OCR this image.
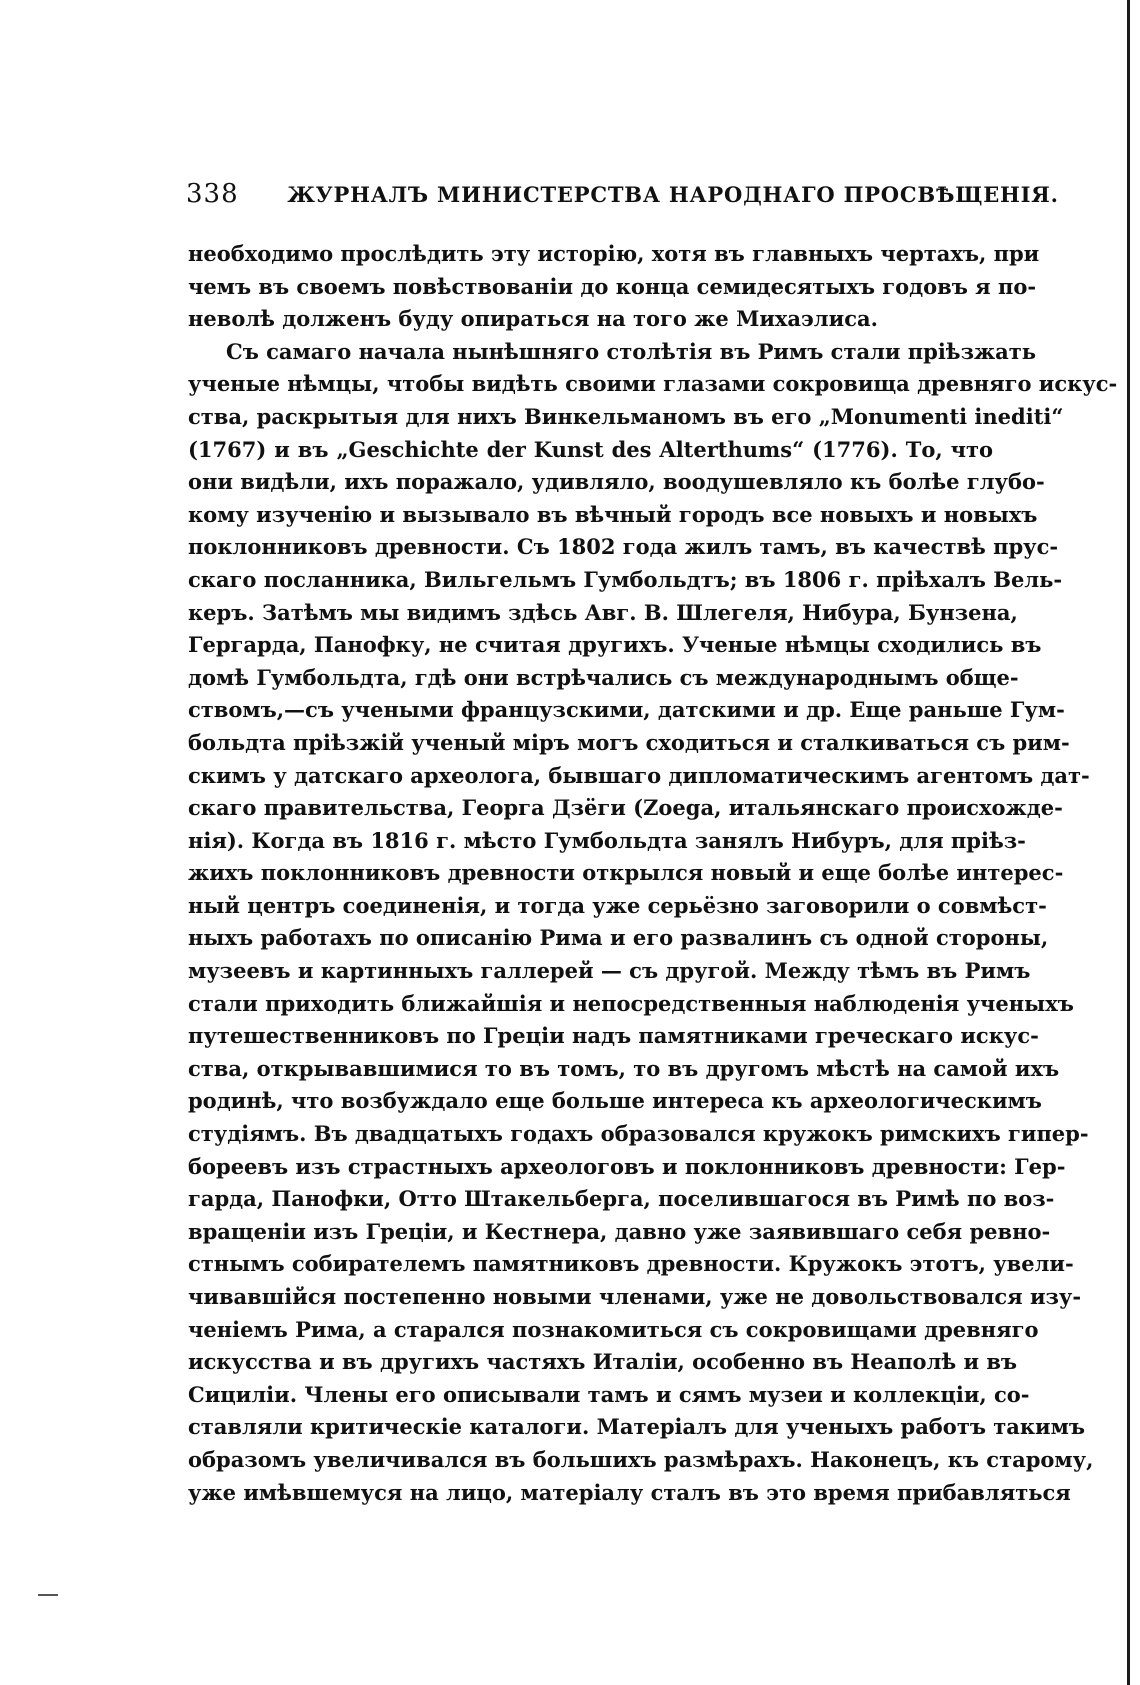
338 ЖУРНАЛЪ МИНИСТЕРСТВА НАРОДНАГО ПРОСВѢЩЕНІЯ.
необходимо прослѣдить эту исторію, хотя въ главныхъ чертахъ, при
чемъ въ своемъ повѣствованіи до конца семидесятыхъ годовъ я по-
неволѣ долженъ буду опираться на того же Михаэлиса.
Съ самаго начала нынѣшняго столѣтія въ Римъ стали пріѣзжать
ученые нѣмцы, чтобы видѣть своими глазами сокровища древняго искус-
ства, раскрытыя для нихъ Винкельманомъ въ его „Monumenti inediti“
(1767) и въ „Geschichte der Kunst des Alterthums“ (1776). То, что
они видѣли, ихъ поражало, удивляло, воодушевляло къ болѣе глубо-
кому изученію и вызывало въ вѣчный городъ все новыхъ и новыхъ
поклонниковъ древности. Съ 1802 года жилъ тамъ, въ качествѣ прус-
скаго посланника, Вильгельмъ Гумбольдтъ; въ 1806 г. пріѣхалъ Вель-
керъ. Затѣмъ мы видимъ здѣсь Авг. В. Шлегеля, Нибура, Бунзена,
Гергарда, Панофку, не считая другихъ. Ученые нѣмцы сходились въ
домѣ Гумбольдта, гдѣ они встрѣчались съ международнымъ обще-
ствомъ,—съ учеными французскими, датскими и др. Еще раньше Гум-
больдта пріѣзжій ученый міръ могъ сходиться и сталкиваться съ рим-
скимъ у датскаго археолога, бывшаго дипломатическимъ агентомъ дат-
скаго правительства, Георга Дзёги (Zoega, итальянскаго происхожде-
нія). Когда въ 1816 г. мѣсто Гумбольдта занялъ Нибуръ, для пріѣз-
жихъ поклонниковъ древности открылся новый и еще болѣе интерес-
ный центръ соединенія, и тогда уже серьёзно заговорили о совмѣст-
ныхъ работахъ по описанію Рима и его развалинъ съ одной стороны,
музеевъ и картинныхъ галлерей — съ другой. Между тѣмъ въ Римъ
стали приходить ближайшія и непосредственныя наблюденія ученыхъ
путешественниковъ по Греціи надъ памятниками греческаго искус-
ства, открывавшимися то въ томъ, то въ другомъ мѣстѣ на самой ихъ
родинѣ, что возбуждало еще больше интереса къ археологическимъ
студіямъ. Въ двадцатыхъ годахъ образовался кружокъ римскихъ гипер-
бореевъ изъ страстныхъ археологовъ и поклонниковъ древности: Гер-
гарда, Панофки, Отто Штакельберга, поселившагося въ Римѣ по воз-
вращеніи изъ Греціи, и Кестнера, давно уже заявившаго себя ревно-
стнымъ собирателемъ памятниковъ древности. Кружокъ этотъ, увели-
чивавшійся постепенно новыми членами, уже не довольствовался изу-
ченіемъ Рима, а старался познакомиться съ сокровищами древняго
искусства и въ другихъ частяхъ Италіи, особенно въ Неаполѣ и въ
Сициліи. Члены его описывали тамъ и сямъ музеи и коллекціи, со-
ставляли критическіе каталоги. Матеріалъ для ученыхъ работъ такимъ
образомъ увеличивался въ большихъ размѣрахъ. Наконецъ, къ старому,
уже имѣвшемуся на лицо, матеріалу сталъ въ это время прибавляться
